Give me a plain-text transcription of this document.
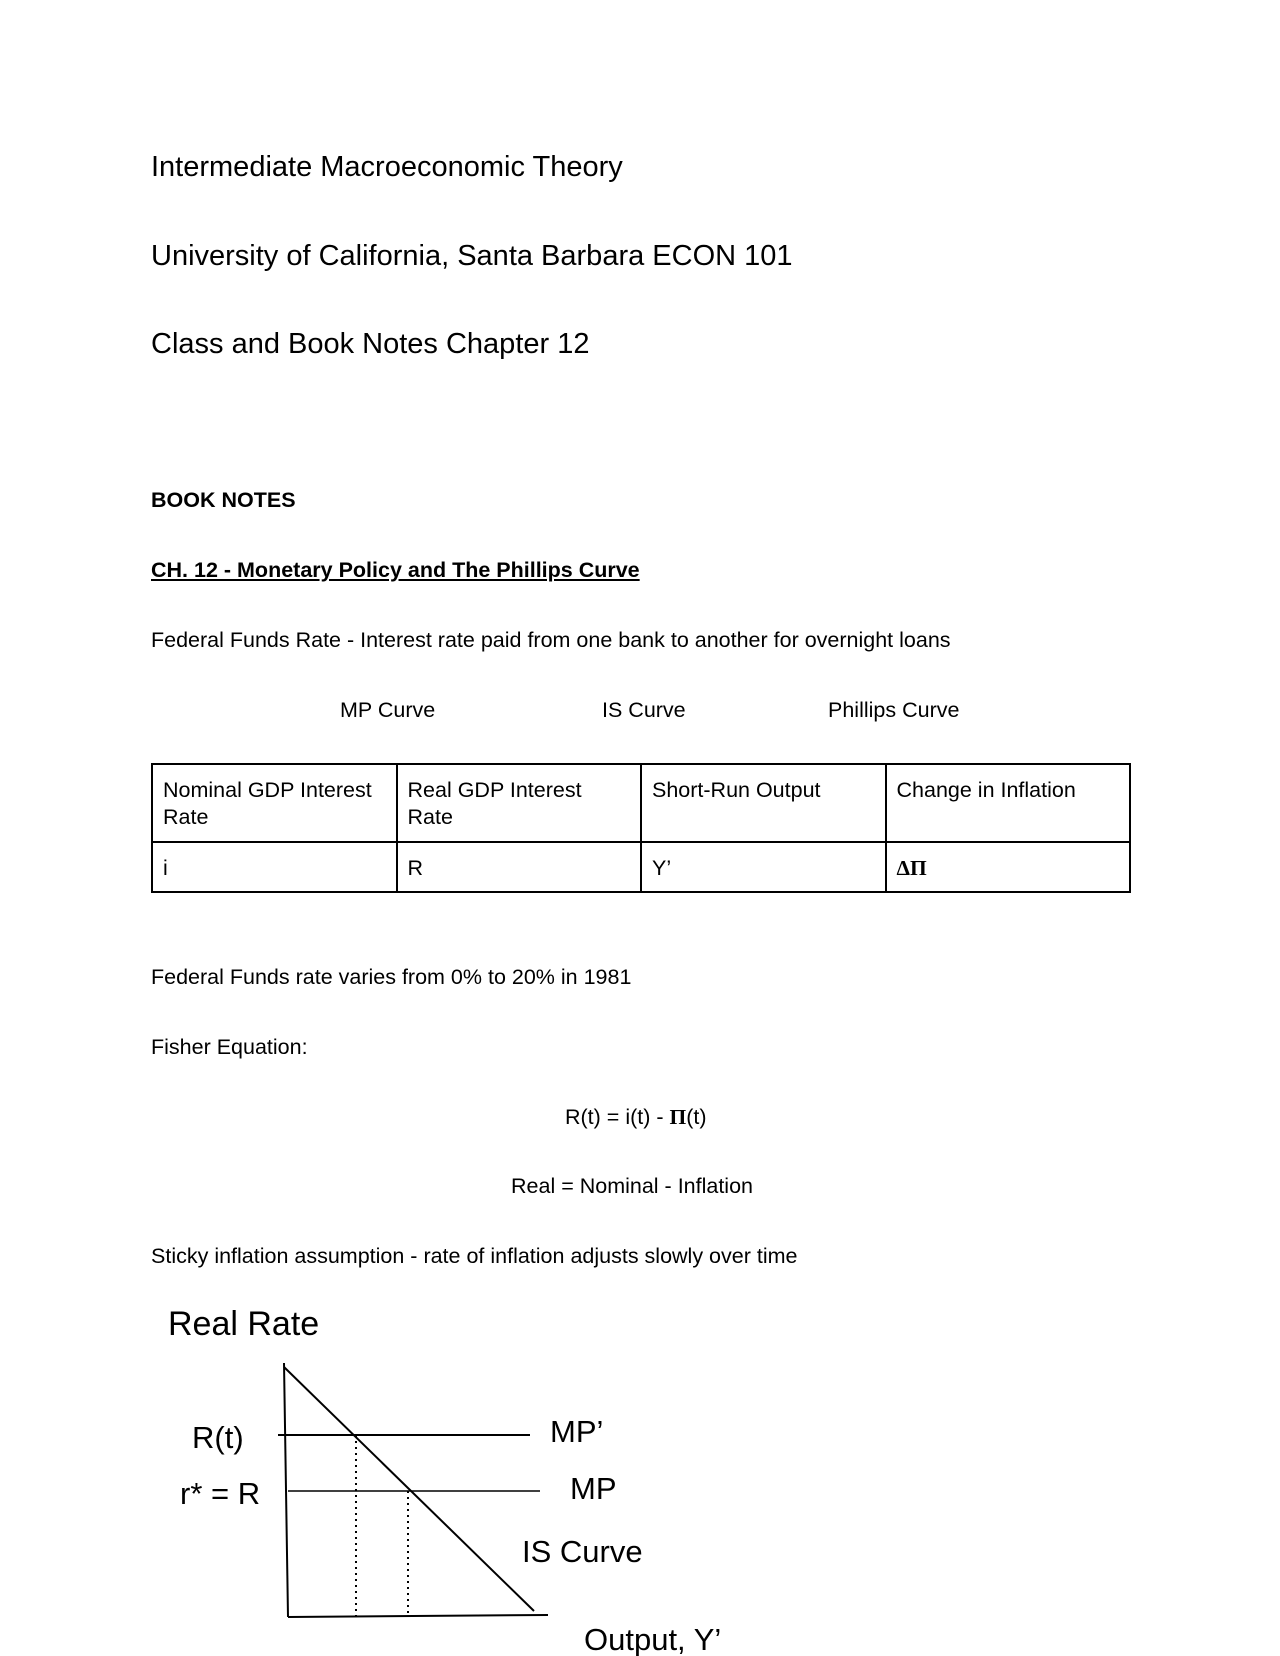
Intermediate Macroeconomic Theory
University of California, Santa Barbara ECON 101
Class and Book Notes Chapter 12
BOOK NOTES
CH. 12 - Monetary Policy and The Phillips Curve
Federal Funds Rate - Interest rate paid from one bank to another for overnight loans
MP Curve	IS Curve	Phillips Curve
Nominal GDP Interest Rate	Real GDP Interest Rate	Short-Run Output	Change in Inflation
i	R	Y’	ΔΠ
Federal Funds rate varies from 0% to 20% in 1981
Fisher Equation:
R(t) = i(t) - Π(t)
Real = Nominal - Inflation
Sticky inflation assumption - rate of inflation adjusts slowly over time
Real Rate
R(t)
r* = R
MP’
MP
IS Curve
Output, Y’
